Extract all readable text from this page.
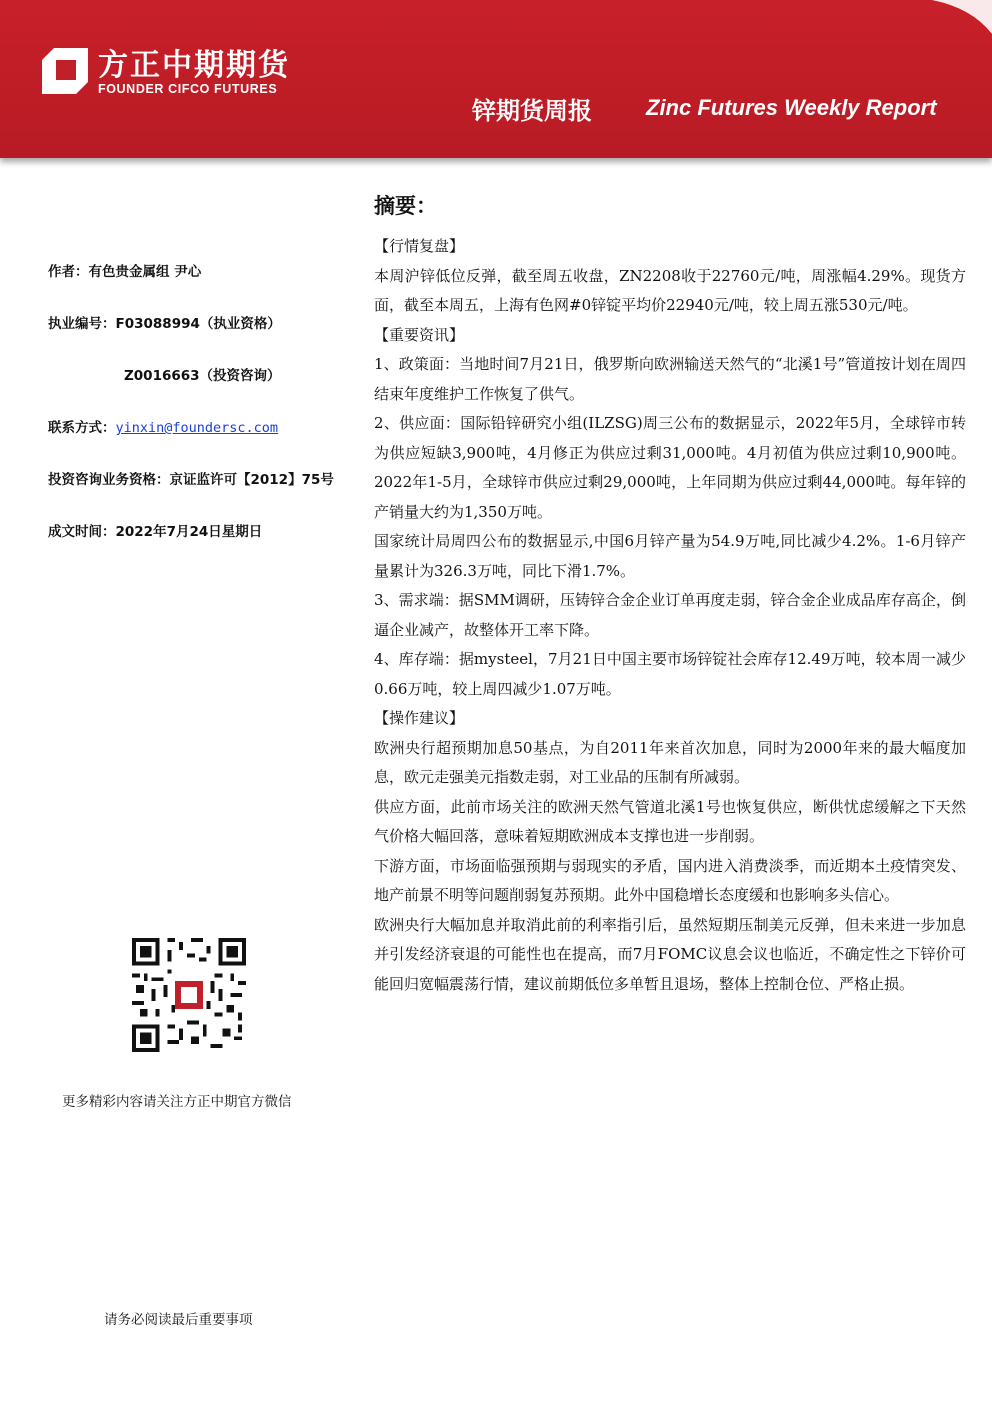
方正中期期货
FOUNDER CIFCO FUTURES
锌期货周报 Zinc Futures Weekly Report
作者：有色贵金属组 尹心
执业编号：F03088994（执业资格）
Z0016663（投资咨询）
联系方式：yinxin@foundersc.com
投资咨询业务资格：京证监许可【2012】75号
成文时间：2022年7月24日星期日
更多精彩内容请关注方正中期官方微信
摘要：
【行情复盘】

本周沪锌低位反弹，截至周五收盘，ZN2208收于22760元/吨，周涨幅4.29%。现货方面，截至本周五，上海有色网#0锌锭平均价22940元/吨，较上周五涨530元/吨。

【重要资讯】

1、政策面：当地时间7月21日，俄罗斯向欧洲输送天然气的“北溪1号”管道按计划在周四结束年度维护工作恢复了供气。

2、供应面：国际铅锌研究小组(ILZSG)周三公布的数据显示，2022年5月，全球锌市转为供应短缺3,900吨，4月修正为供应过剩31,000吨。4月初值为供应过剩10,900吨。2022年1-5月，全球锌市供应过剩29,000吨，上年同期为供应过剩44,000吨。每年锌的产销量大约为1,350万吨。

国家统计局周四公布的数据显示,中国6月锌产量为54.9万吨,同比减少4.2%。1-6月锌产量累计为326.3万吨，同比下滑1.7%。

3、需求端：据SMM调研，压铸锌合金企业订单再度走弱，锌合金企业成品库存高企，倒逼企业减产，故整体开工率下降。

4、库存端：据mysteel，7月21日中国主要市场锌锭社会库存12.49万吨，较本周一减少0.66万吨，较上周四减少1.07万吨。

【操作建议】

欧洲央行超预期加息50基点，为自2011年来首次加息，同时为2000年来的最大幅度加息，欧元走强美元指数走弱，对工业品的压制有所减弱。

供应方面，此前市场关注的欧洲天然气管道北溪1号也恢复供应，断供忧虑缓解之下天然气价格大幅回落，意味着短期欧洲成本支撑也进一步削弱。

下游方面，市场面临强预期与弱现实的矛盾，国内进入消费淡季，而近期本土疫情突发、地产前景不明等问题削弱复苏预期。此外中国稳增长态度缓和也影响多头信心。

欧洲央行大幅加息并取消此前的利率指引后，虽然短期压制美元反弹，但未来进一步加息并引发经济衰退的可能性也在提高，而7月FOMC议息会议也临近，不确定性之下锌价可能回归宽幅震荡行情，建议前期低位多单暂且退场，整体上控制仓位、严格止损。

请务必阅读最后重要事项
